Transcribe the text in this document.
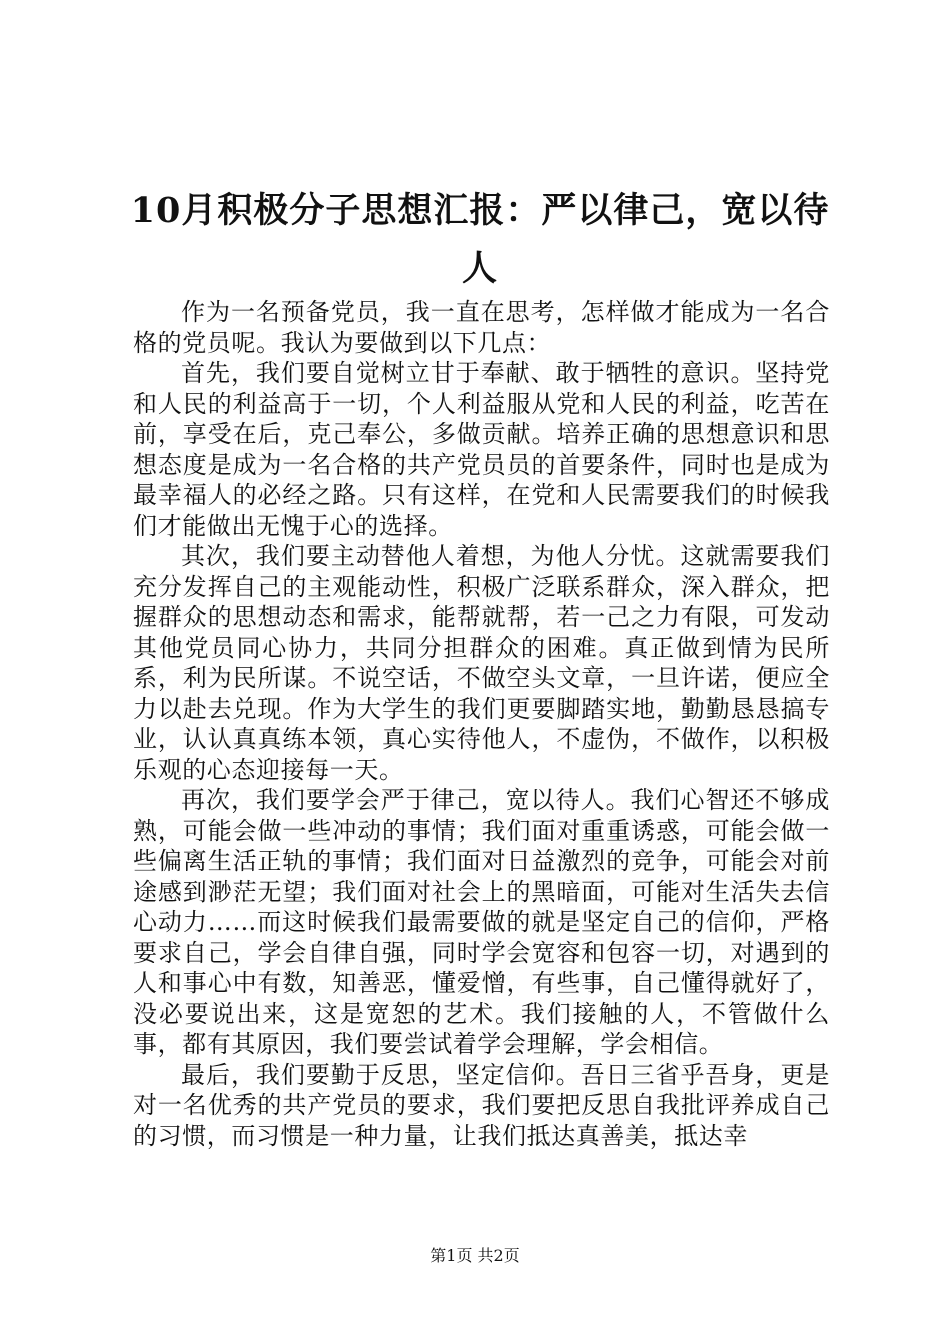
10月积极分子思想汇报：严以律己，宽以待人

作为一名预备党员，我一直在思考，怎样做才能成为一名合格的党员呢。我认为要做到以下几点：

首先，我们要自觉树立甘于奉献、敢于牺牲的意识。坚持党和人民的利益高于一切，个人利益服从党和人民的利益，吃苦在前，享受在后，克己奉公，多做贡献。培养正确的思想意识和思想态度是成为一名合格的共产党员员的首要条件，同时也是成为最幸福人的必经之路。只有这样，在党和人民需要我们的时候我们才能做出无愧于心的选择。

其次，我们要主动替他人着想，为他人分忧。这就需要我们充分发挥自己的主观能动性，积极广泛联系群众，深入群众，把握群众的思想动态和需求，能帮就帮，若一己之力有限，可发动其他党员同心协力，共同分担群众的困难。真正做到情为民所系，利为民所谋。不说空话，不做空头文章，一旦许诺，便应全力以赴去兑现。作为大学生的我们更要脚踏实地，勤勤恳恳搞专业，认认真真练本领，真心实待他人，不虚伪，不做作，以积极乐观的心态迎接每一天。

再次，我们要学会严于律己，宽以待人。我们心智还不够成熟，可能会做一些冲动的事情；我们面对重重诱惑，可能会做一些偏离生活正轨的事情；我们面对日益激烈的竞争，可能会对前途感到渺茫无望；我们面对社会上的黑暗面，可能对生活失去信心动力……而这时候我们最需要做的就是坚定自己的信仰，严格要求自己，学会自律自强，同时学会宽容和包容一切，对遇到的人和事心中有数，知善恶，懂爱憎，有些事，自己懂得就好了，没必要说出来，这是宽恕的艺术。我们接触的人，不管做什么事，都有其原因，我们要尝试着学会理解，学会相信。

最后，我们要勤于反思，坚定信仰。吾日三省乎吾身，更是对一名优秀的共产党员的要求，我们要把反思自我批评养成自己的习惯，而习惯是一种力量，让我们抵达真善美，抵达幸

第1页 共2页
